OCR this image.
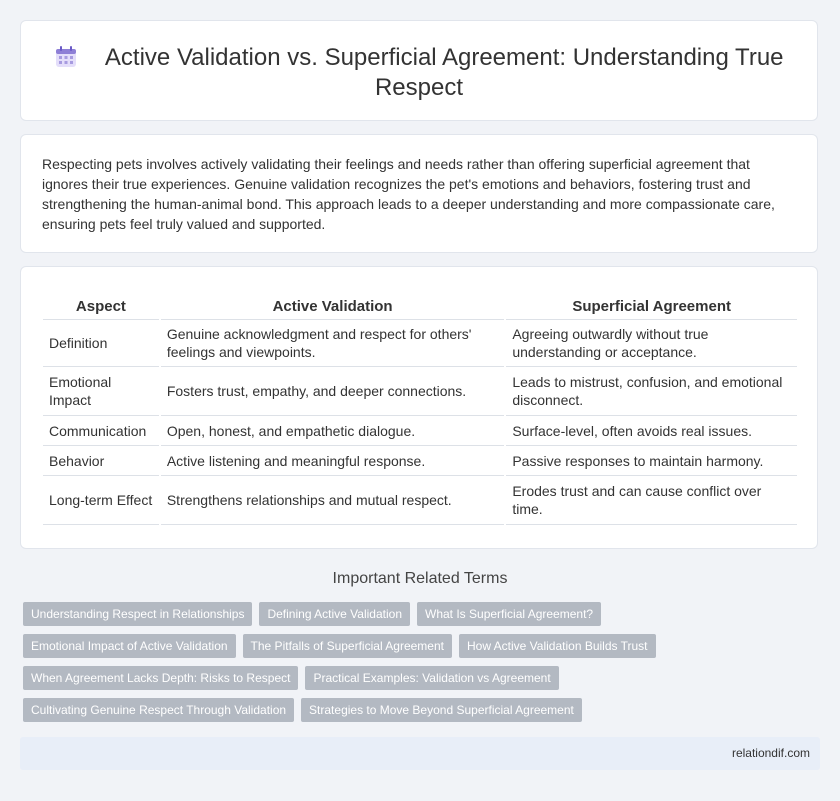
Active Validation vs. Superficial Agreement: Understanding True Respect

Respecting pets involves actively validating their feelings and needs rather than offering superficial agreement that ignores their true experiences. Genuine validation recognizes the pet's emotions and behaviors, fostering trust and strengthening the human-animal bond. This approach leads to a deeper understanding and more compassionate care, ensuring pets feel truly valued and supported.

Aspect	Active Validation	Superficial Agreement
Definition	Genuine acknowledgment and respect for others' feelings and viewpoints.	Agreeing outwardly without true understanding or acceptance.
Emotional Impact	Fosters trust, empathy, and deeper connections.	Leads to mistrust, confusion, and emotional disconnect.
Communication	Open, honest, and empathetic dialogue.	Surface-level, often avoids real issues.
Behavior	Active listening and meaningful response.	Passive responses to maintain harmony.
Long-term Effect	Strengthens relationships and mutual respect.	Erodes trust and can cause conflict over time.
Important Related Terms
Understanding Respect in Relationships	Defining Active Validation	What Is Superficial Agreement?
Emotional Impact of Active Validation	The Pitfalls of Superficial Agreement	How Active Validation Builds Trust
When Agreement Lacks Depth: Risks to Respect	Practical Examples: Validation vs Agreement
Cultivating Genuine Respect Through Validation	Strategies to Move Beyond Superficial Agreement
relationdif.com
